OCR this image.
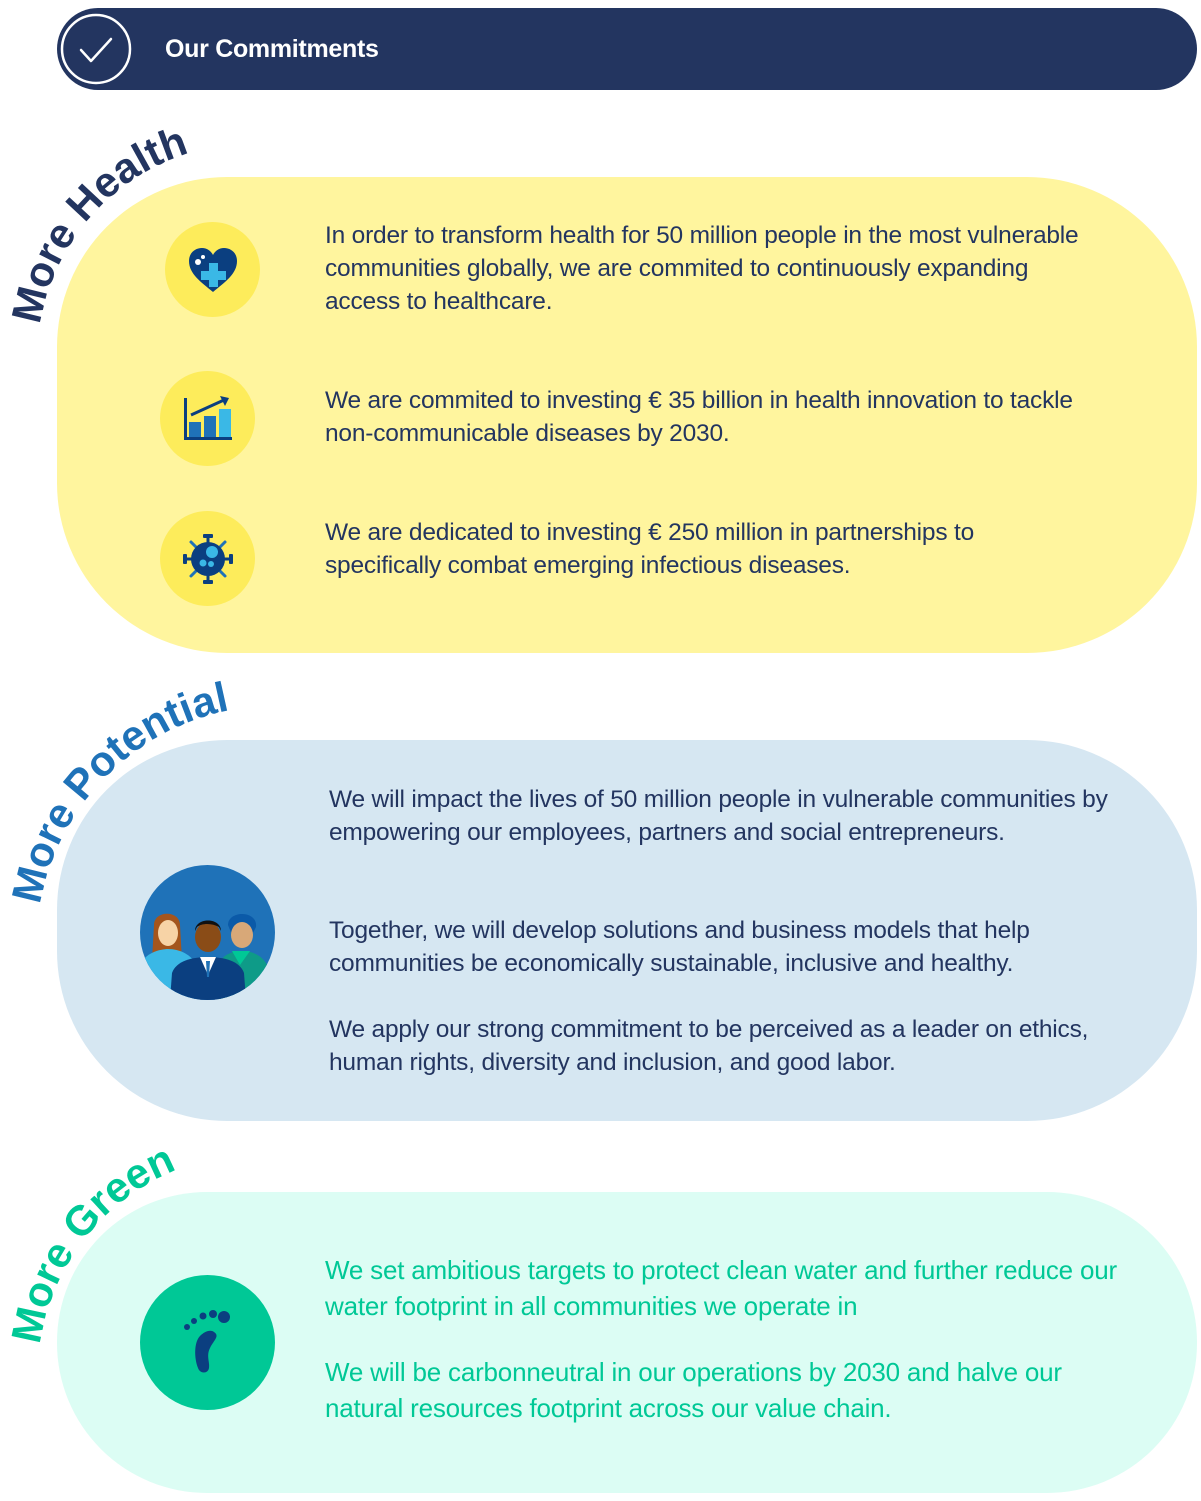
Our Commitments
More Health
In order to transform health for 50 million people in the most vulnerable communities globally, we are commited to continuously expanding access to healthcare.
We are commited to investing € 35 billion in health innovation to tackle non-communicable diseases by 2030.
We are dedicated to investing € 250 million in partnerships to specifically combat emerging infectious diseases.
More Potential
We will impact the lives of 50 million people in vulnerable communities by empowering our employees, partners and social entrepreneurs.
Together, we will develop solutions and business models that help communities be economically sustainable, inclusive and healthy.
We apply our strong commitment to be perceived as a leader on ethics, human rights, diversity and inclusion, and good labor.
More Green
We set ambitious targets to protect clean water and further reduce our water footprint in all communities we operate in
We will be carbonneutral in our operations by 2030 and halve our natural resources footprint across our value chain.
